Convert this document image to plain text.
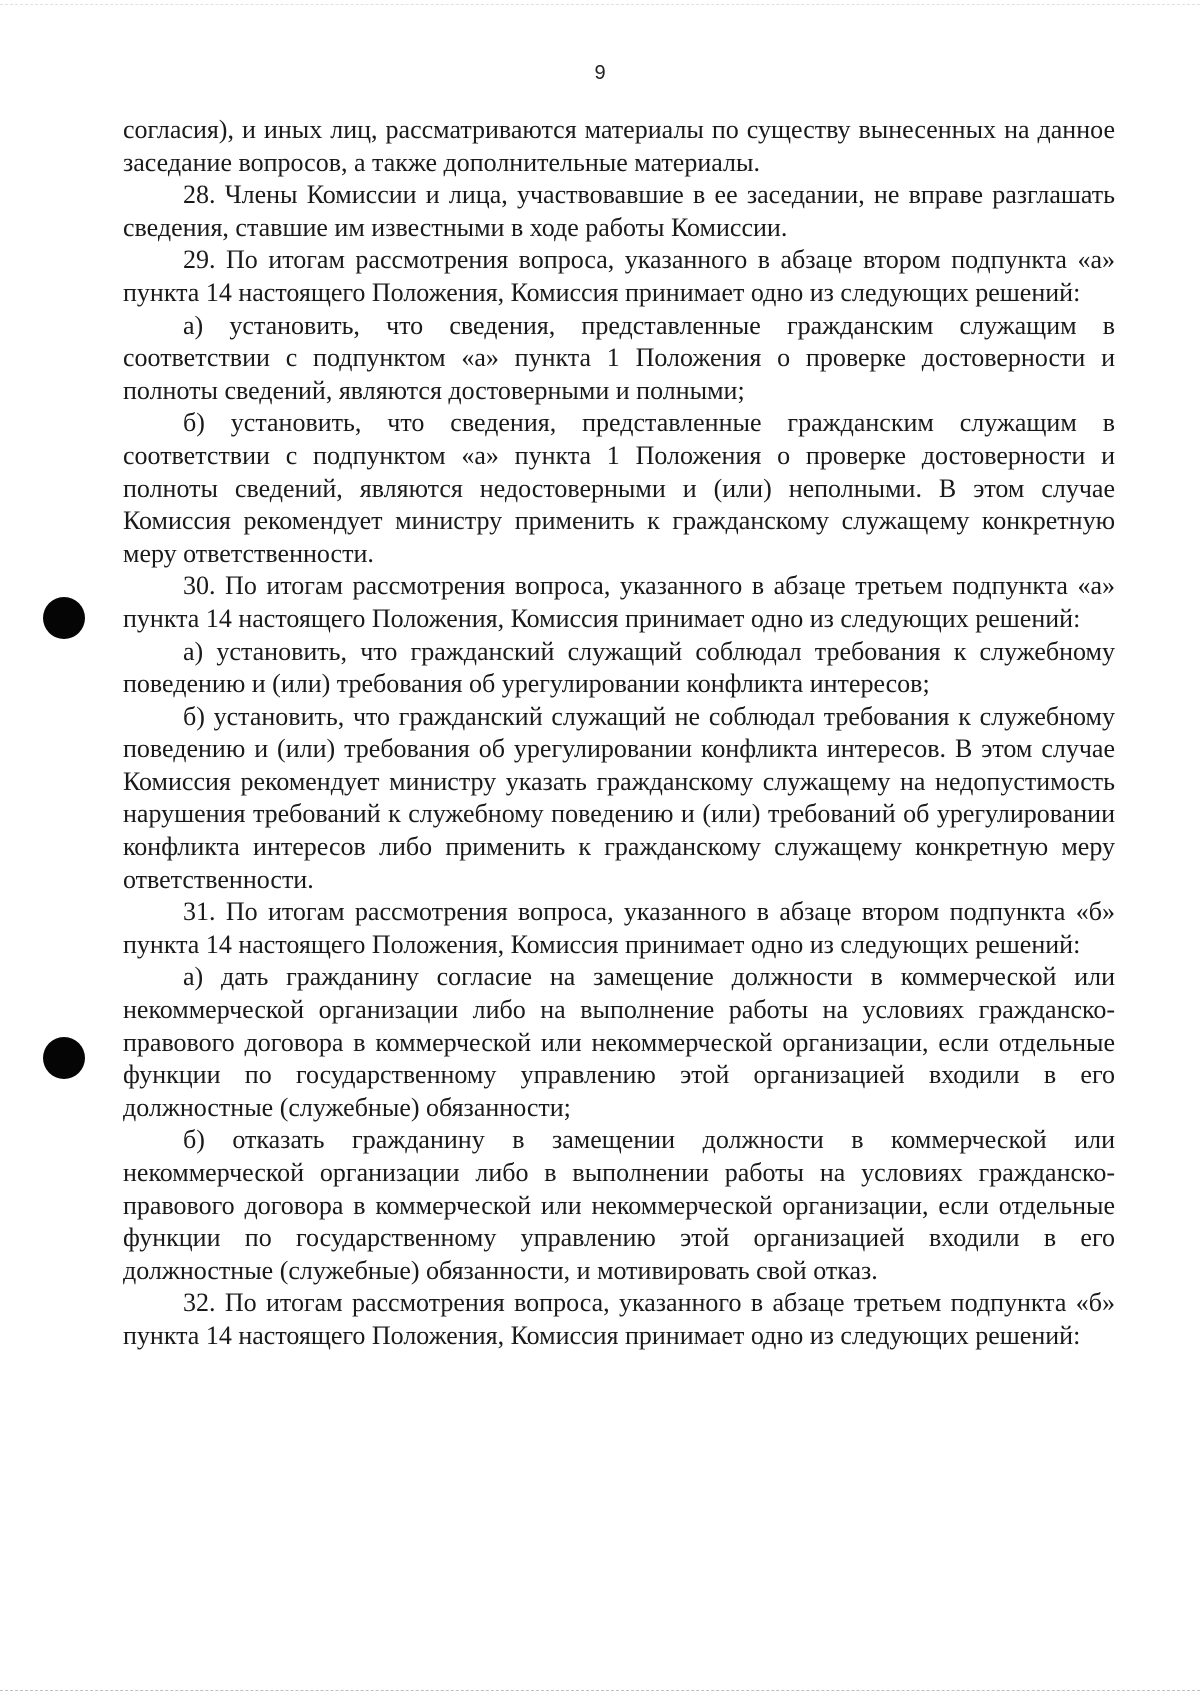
9

согласия), и иных лиц, рассматриваются материалы по существу вынесенных на данное заседание вопросов, а также дополнительные материалы.

28. Члены Комиссии и лица, участвовавшие в ее заседании, не вправе разглашать сведения, ставшие им известными в ходе работы Комиссии.

29. По итогам рассмотрения вопроса, указанного в абзаце втором подпункта «а» пункта 14 настоящего Положения, Комиссия принимает одно из следующих решений:

а) установить, что сведения, представленные гражданским служащим в соответствии с подпунктом «а» пункта 1 Положения о проверке достоверности и полноты сведений, являются достоверными и полными;

б) установить, что сведения, представленные гражданским служащим в соответствии с подпунктом «а» пункта 1 Положения о проверке достоверности и полноты сведений, являются недостоверными и (или) неполными. В этом случае Комиссия рекомендует министру применить к гражданскому служащему конкретную меру ответственности.

30. По итогам рассмотрения вопроса, указанного в абзаце третьем подпункта «а» пункта 14 настоящего Положения, Комиссия принимает одно из следующих решений:

а) установить, что гражданский служащий соблюдал требования к служебному поведению и (или) требования об урегулировании конфликта интересов;

б) установить, что гражданский служащий не соблюдал требования к служебному поведению и (или) требования об урегулировании конфликта интересов. В этом случае Комиссия рекомендует министру указать гражданскому служащему на недопустимость нарушения требований к служебному поведению и (или) требований об урегулировании конфликта интересов либо применить к гражданскому служащему конкретную меру ответственности.

31. По итогам рассмотрения вопроса, указанного в абзаце втором подпункта «б» пункта 14 настоящего Положения, Комиссия принимает одно из следующих решений:

а) дать гражданину согласие на замещение должности в коммерческой или некоммерческой организации либо на выполнение работы на условиях гражданско-правового договора в коммерческой или некоммерческой организации, если отдельные функции по государственному управлению этой организацией входили в его должностные (служебные) обязанности;

б) отказать гражданину в замещении должности в коммерческой или некоммерческой организации либо в выполнении работы на условиях гражданско-правового договора в коммерческой или некоммерческой организации, если отдельные функции по государственному управлению этой организацией входили в его должностные (служебные) обязанности, и мотивировать свой отказ.

32. По итогам рассмотрения вопроса, указанного в абзаце третьем подпункта «б» пункта 14 настоящего Положения, Комиссия принимает одно из следующих решений:
